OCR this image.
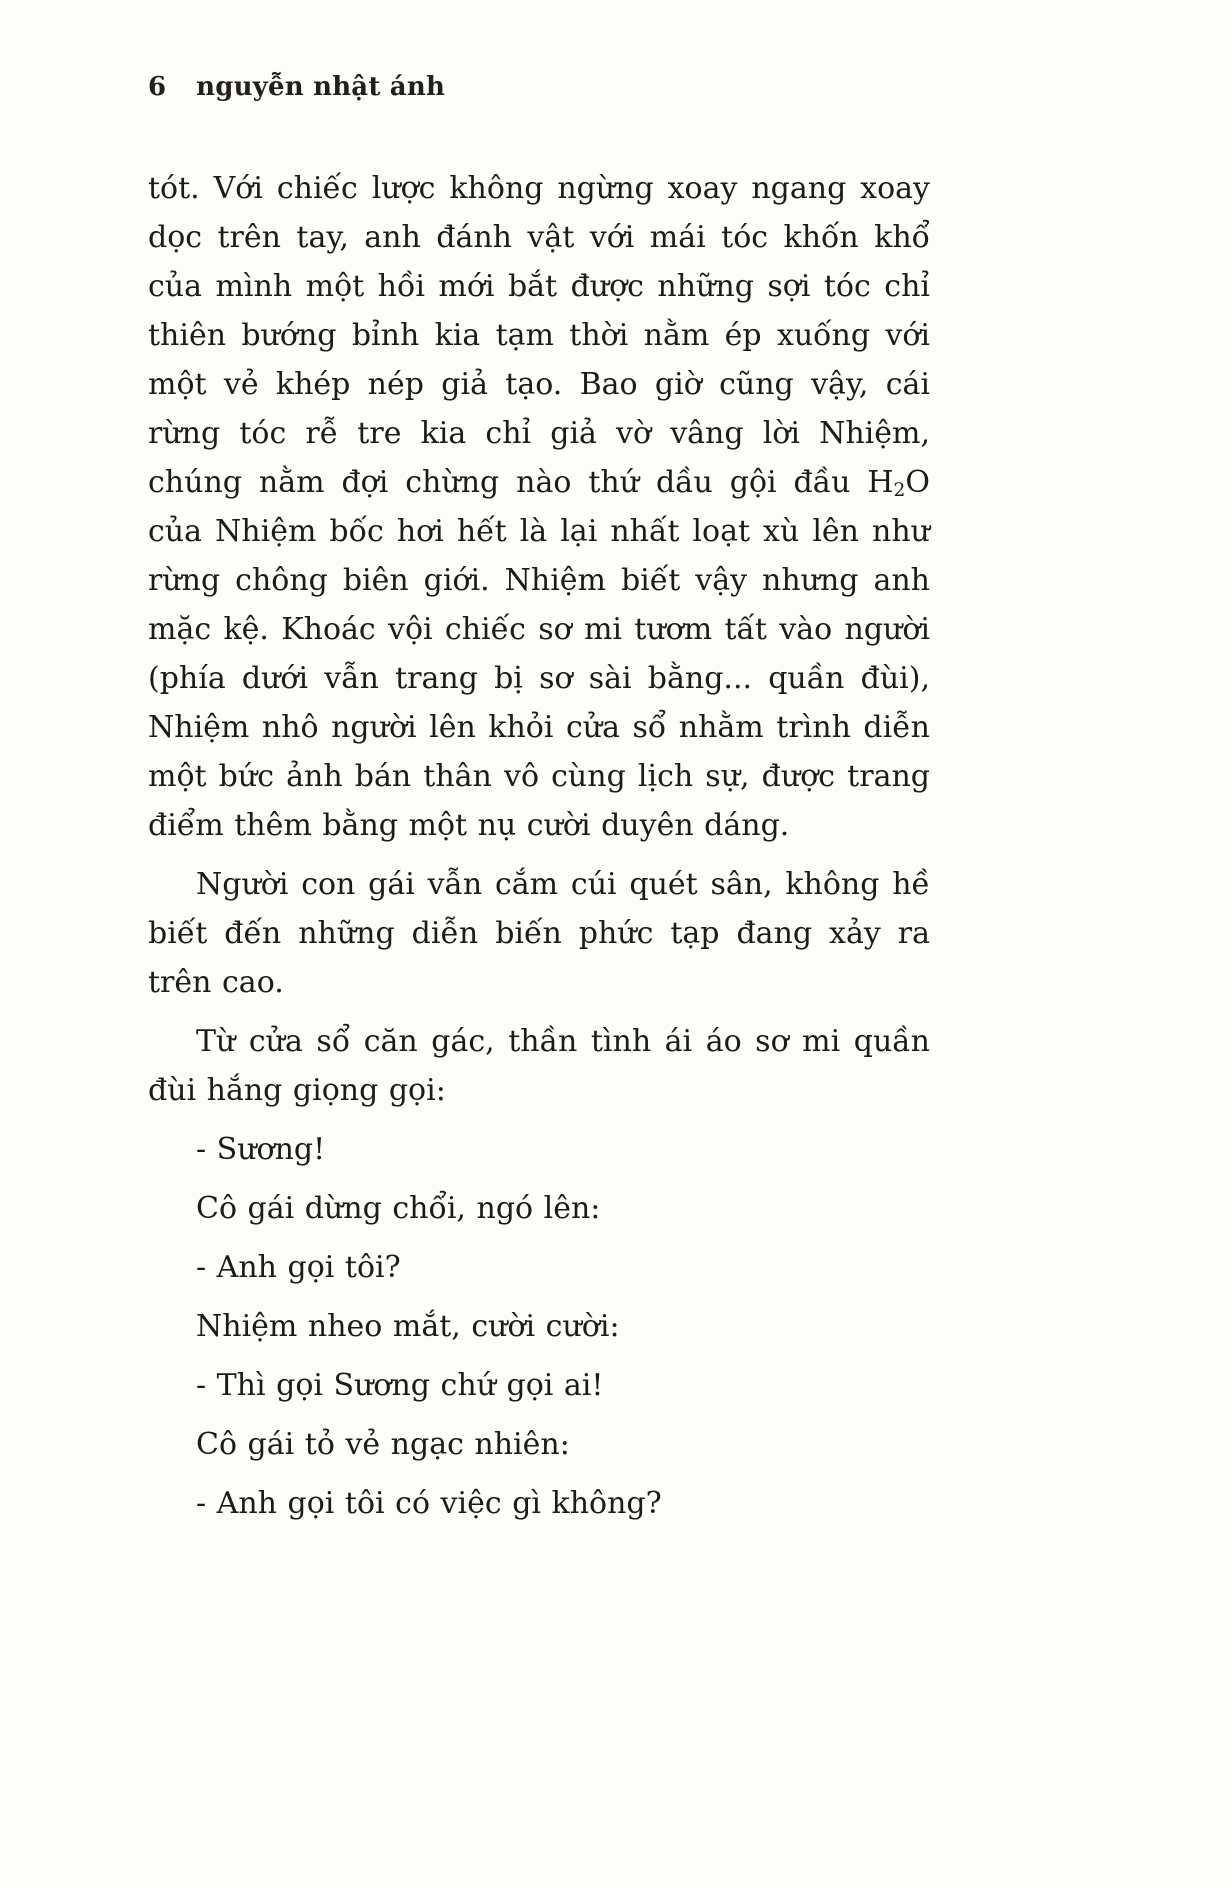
6 nguyễn nhật ánh

tót. Với chiếc lược không ngừng xoay ngang xoay dọc trên tay, anh đánh vật với mái tóc khốn khổ của mình một hồi mới bắt được những sợi tóc chỉ thiên bướng bỉnh kia tạm thời nằm ép xuống với một vẻ khép nép giả tạo. Bao giờ cũng vậy, cái rừng tóc rễ tre kia chỉ giả vờ vâng lời Nhiệm, chúng nằm đợi chừng nào thứ dầu gội đầu $H_2O$ của Nhiệm bốc hơi hết là lại nhất loạt xù lên như rừng chông biên giới. Nhiệm biết vậy nhưng anh mặc kệ. Khoác vội chiếc sơ mi tươm tất vào người (phía dưới vẫn trang bị sơ sài bằng... quần đùi), Nhiệm nhô người lên khỏi cửa sổ nhằm trình diễn một bức ảnh bán thân vô cùng lịch sự, được trang điểm thêm bằng một nụ cười duyên dáng.

Người con gái vẫn cắm cúi quét sân, không hề biết đến những diễn biến phức tạp đang xảy ra trên cao.

Từ cửa sổ căn gác, thần tình ái áo sơ mi quần đùi hắng giọng gọi:

- Sương!

Cô gái dừng chổi, ngó lên:

- Anh gọi tôi?

Nhiệm nheo mắt, cười cười:

- Thì gọi Sương chứ gọi ai!

Cô gái tỏ vẻ ngạc nhiên:

- Anh gọi tôi có việc gì không?
